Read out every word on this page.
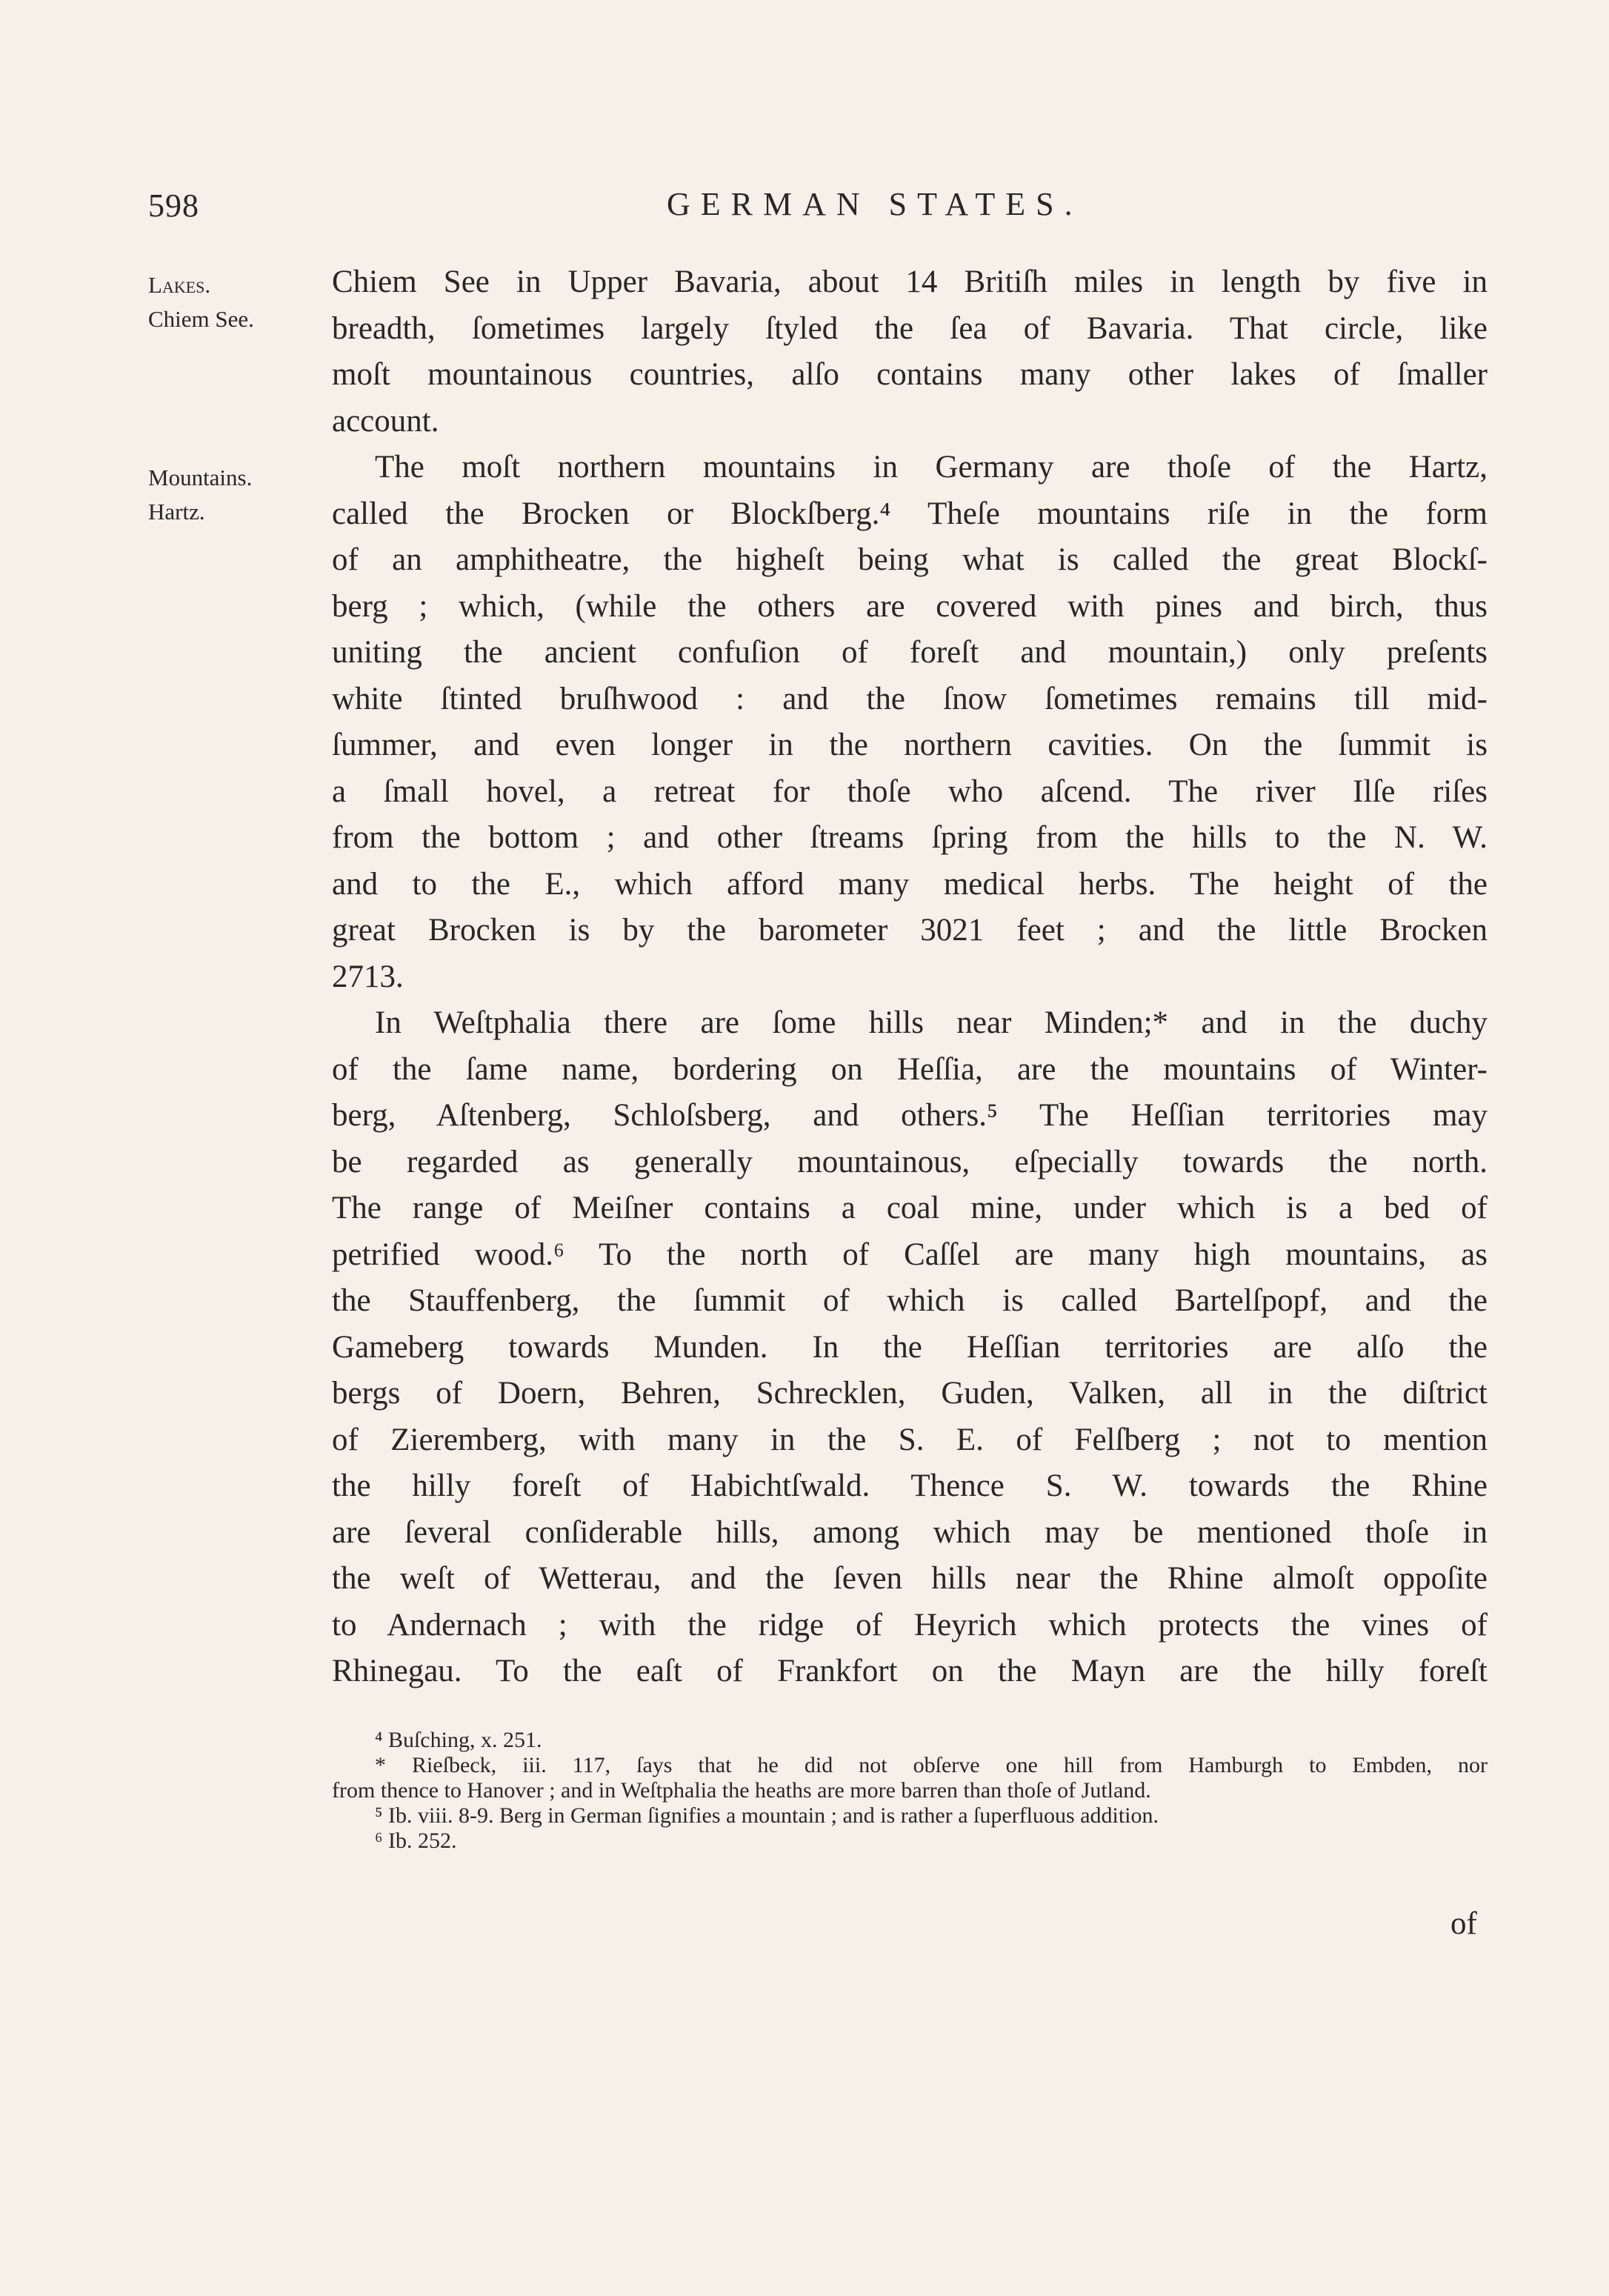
598	GERMAN STATES.
Lakes.
Chiem See.
Mountains.
Hartz.
Chiem See in Upper Bavaria, about 14 Britiſh miles in length by five in
breadth, ſometimes largely ſtyled the ſea of Bavaria. That circle, like
moſt mountainous countries, alſo contains many other lakes of ſmaller
account.
The moſt northern mountains in Germany are thoſe of the Hartz,
called the Brocken or Blockſberg.⁴ Theſe mountains riſe in the form
of an amphitheatre, the higheſt being what is called the great Blockſ-
berg ; which, (while the others are covered with pines and birch, thus
uniting the ancient confuſion of foreſt and mountain,) only preſents
white ſtinted bruſhwood : and the ſnow ſometimes remains till mid-
ſummer, and even longer in the northern cavities. On the ſummit is
a ſmall hovel, a retreat for thoſe who aſcend. The river Ilſe riſes
from the bottom ; and other ſtreams ſpring from the hills to the N. W.
and to the E., which afford many medical herbs. The height of the
great Brocken is by the barometer 3021 feet ; and the little Brocken
2713.
In Weſtphalia there are ſome hills near Minden;* and in the duchy
of the ſame name, bordering on Heſſia, are the mountains of Winter-
berg, Aſtenberg, Schloſsberg, and others.⁵ The Heſſian territories may
be regarded as generally mountainous, eſpecially towards the north.
The range of Meiſner contains a coal mine, under which is a bed of
petrified wood.⁶ To the north of Caſſel are many high mountains, as
the Stauffenberg, the ſummit of which is called Bartelſpopf, and the
Gameberg towards Munden. In the Heſſian territories are alſo the
bergs of Doern, Behren, Schrecklen, Guden, Valken, all in the diſtrict
of Zieremberg, with many in the S. E. of Felſberg ; not to mention
the hilly foreſt of Habichtſwald. Thence S. W. towards the Rhine
are ſeveral conſiderable hills, among which may be mentioned thoſe in
the weſt of Wetterau, and the ſeven hills near the Rhine almoſt oppoſite
to Andernach ; with the ridge of Heyrich which protects the vines of
Rhinegau. To the eaſt of Frankfort on the Mayn are the hilly foreſt
⁴ Buſching, x. 251.
* Rieſbeck, iii. 117, ſays that he did not obſerve one hill from Hamburgh to Embden, nor
from thence to Hanover ; and in Weſtphalia the heaths are more barren than thoſe of Jutland.
⁵ Ib. viii. 8-9. Berg in German ſignifies a mountain ; and is rather a ſuperfluous addition.
⁶ Ib. 252.
of
